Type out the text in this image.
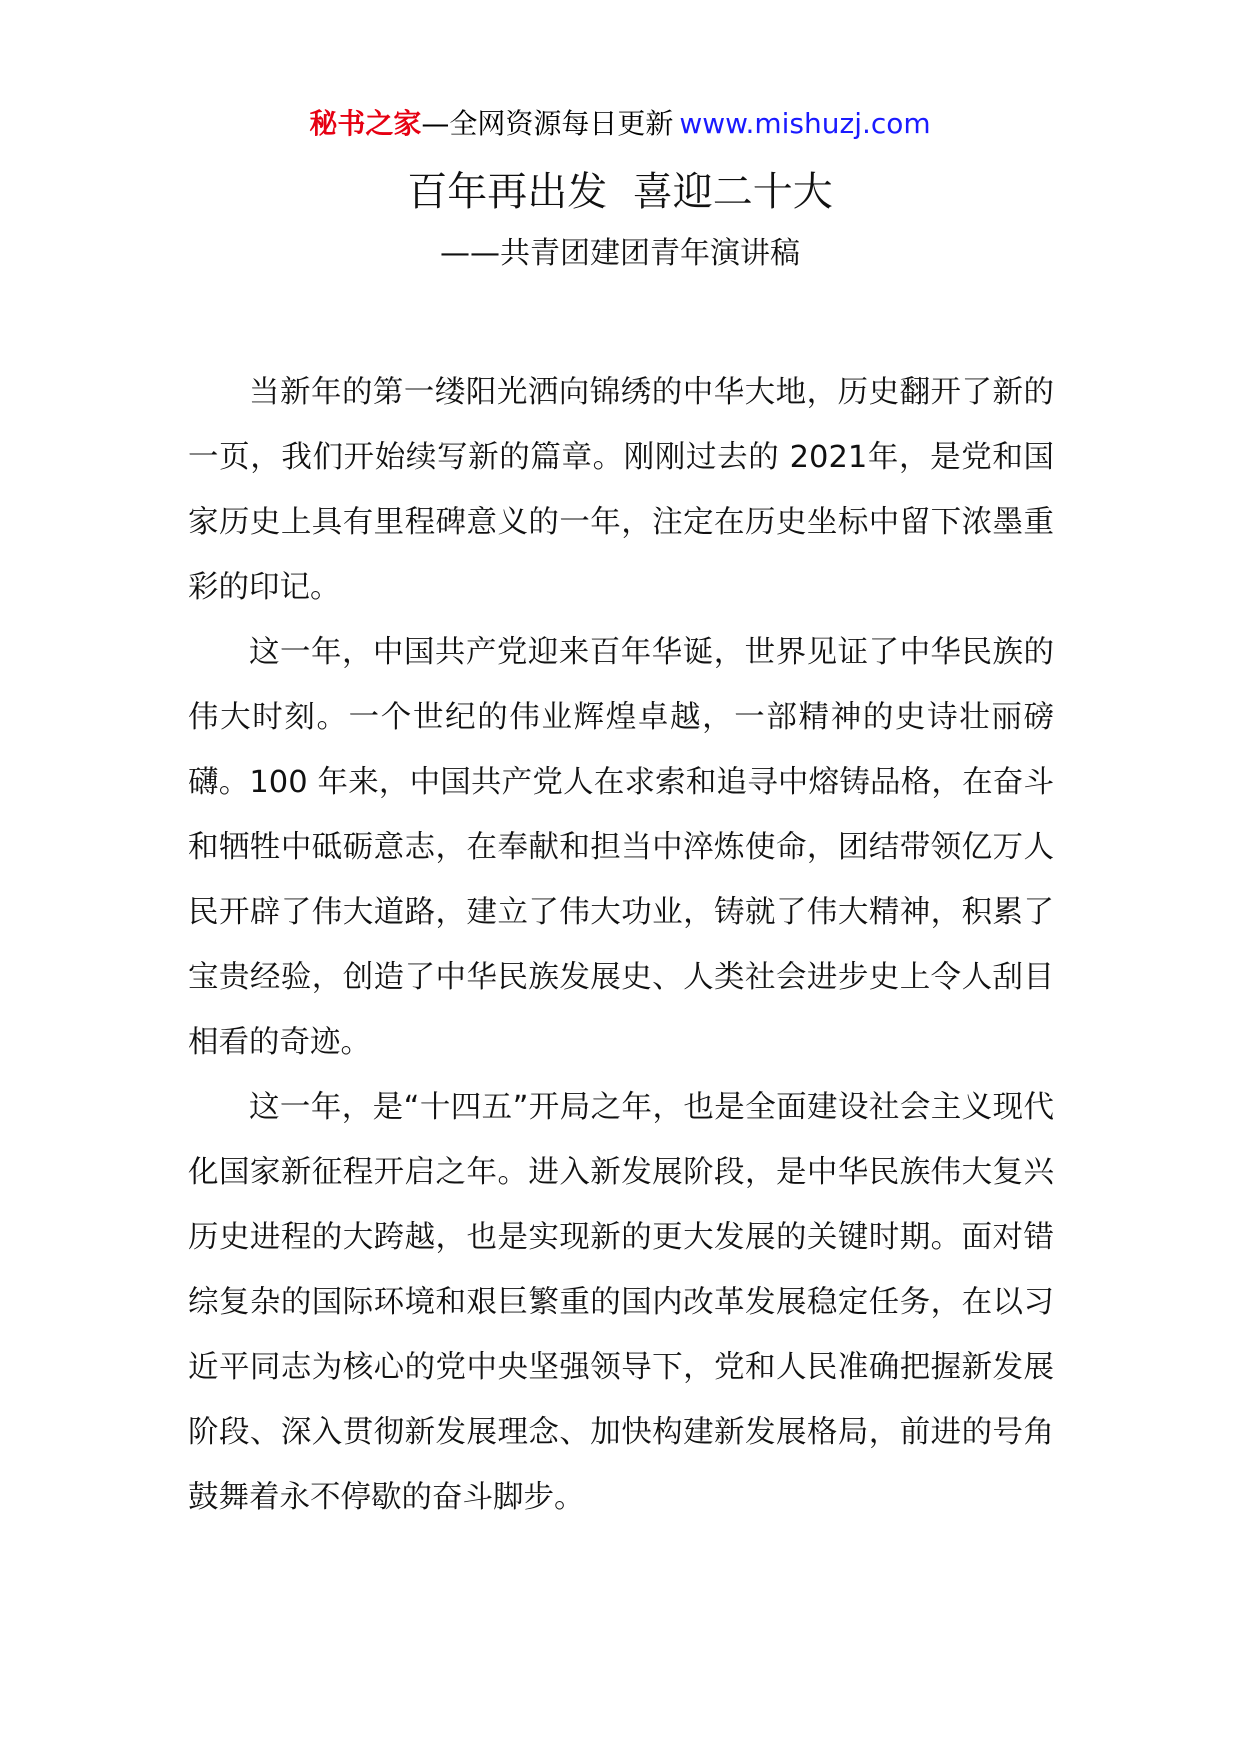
秘书之家—全网资源每日更新 www.mishuzj.com
百年再出发  喜迎二十大
——共青团建团青年演讲稿

当新年的第一缕阳光洒向锦绣的中华大地，历史翻开了新的一页，我们开始续写新的篇章。刚刚过去的 2021年，是党和国家历史上具有里程碑意义的一年，注定在历史坐标中留下浓墨重彩的印记。

这一年，中国共产党迎来百年华诞，世界见证了中华民族的伟大时刻。一个世纪的伟业辉煌卓越，一部精神的史诗壮丽磅礴。100 年来，中国共产党人在求索和追寻中熔铸品格，在奋斗和牺牲中砥砺意志，在奉献和担当中淬炼使命，团结带领亿万人民开辟了伟大道路，建立了伟大功业，铸就了伟大精神，积累了宝贵经验，创造了中华民族发展史、人类社会进步史上令人刮目相看的奇迹。

这一年，是“十四五”开局之年，也是全面建设社会主义现代化国家新征程开启之年。进入新发展阶段，是中华民族伟大复兴历史进程的大跨越，也是实现新的更大发展的关键时期。面对错综复杂的国际环境和艰巨繁重的国内改革发展稳定任务，在以习近平同志为核心的党中央坚强领导下，党和人民准确把握新发展阶段、深入贯彻新发展理念、加快构建新发展格局，前进的号角鼓舞着永不停歇的奋斗脚步。
